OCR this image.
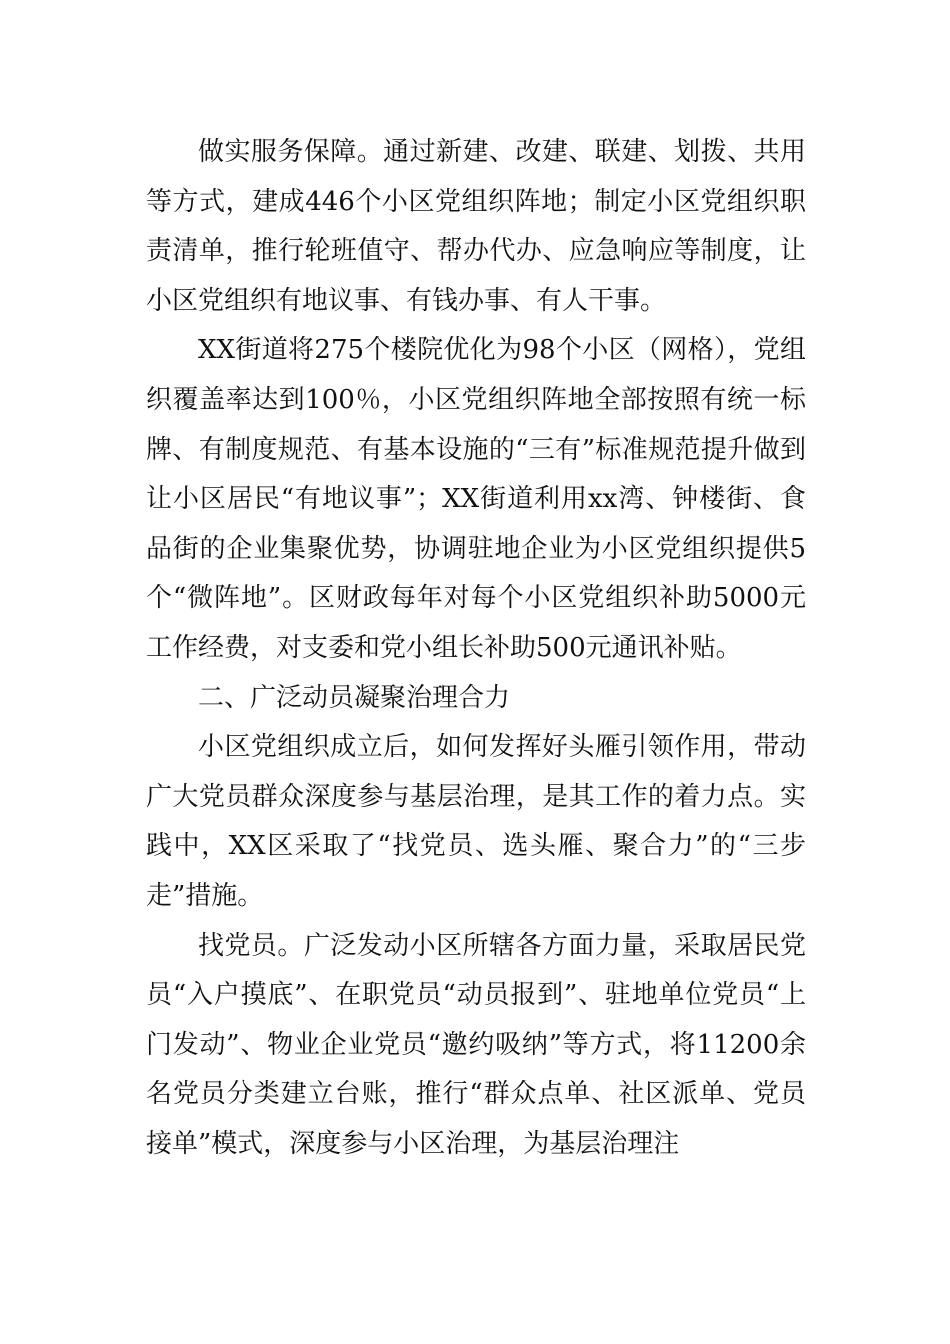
做实服务保障。通过新建、改建、联建、划拨、共用等方式，建成446个小区党组织阵地；制定小区党组织职责清单，推行轮班值守、帮办代办、应急响应等制度，让小区党组织有地议事、有钱办事、有人干事。

XX街道将275个楼院优化为98个小区（网格），党组织覆盖率达到100％，小区党组织阵地全部按照有统一标牌、有制度规范、有基本设施的“三有”标准规范提升做到让小区居民“有地议事”；XX街道利用xx湾、钟楼街、食品街的企业集聚优势，协调驻地企业为小区党组织提供5个“微阵地”。区财政每年对每个小区党组织补助5000元工作经费，对支委和党小组长补助500元通讯补贴。

二、广泛动员凝聚治理合力

小区党组织成立后，如何发挥好头雁引领作用，带动广大党员群众深度参与基层治理，是其工作的着力点。实践中，XX区采取了“找党员、选头雁、聚合力”的“三步走”措施。

找党员。广泛发动小区所辖各方面力量，采取居民党员“入户摸底”、在职党员“动员报到”、驻地单位党员“上门发动”、物业企业党员“邀约吸纳”等方式，将11200余名党员分类建立台账，推行“群众点单、社区派单、党员接单”模式，深度参与小区治理，为基层治理注
